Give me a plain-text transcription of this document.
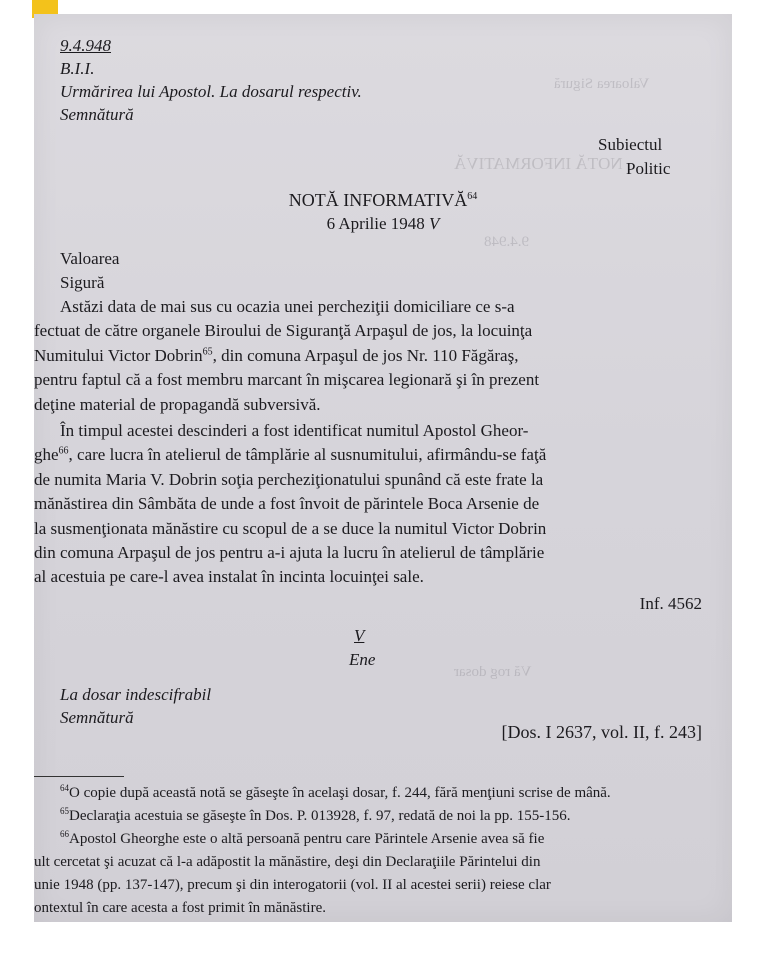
Valoarea Sigură
NOTĂ INFORMATIVĂ
9.4.948
Vă rog dosar
9.4.948
B.I.I.
Urmărirea lui Apostol. La dosarul respectiv.
Semnătură
Subiectul
Politic
NOTĂ INFORMATIVĂ$^{64}$
6 Aprilie 1948 V
Valoarea
Sigură
Astăzi data de mai sus cu ocazia unei percheziţii domiciliare ce s-a
fectuat de către organele Biroului de Siguranţă Arpaşul de jos, la locuinţa
Numitului Victor Dobrin$^{65}$, din comuna Arpaşul de jos Nr. 110 Făgăraş,
pentru faptul că a fost membru marcant în mişcarea legionară şi în prezent
deţine material de propagandă subversivă.
În timpul acestei descinderi a fost identificat numitul Apostol Gheor-
ghe$^{66}$, care lucra în atelierul de tâmplărie al susnumitului, afirmându-se faţă
de numita Maria V. Dobrin soţia percheziţionatului spunând că este frate la
mănăstirea din Sâmbăta de unde a fost învoit de părintele Boca Arsenie de
la susmenţionata mănăstire cu scopul de a se duce la numitul Victor Dobrin
din comuna Arpaşul de jos pentru a-i ajuta la lucru în atelierul de tâmplărie
al acestuia pe care-l avea instalat în incinta locuinţei sale.
Inf. 4562
V
Ene
La dosar indescifrabil
Semnătură
[Dos. I 2637, vol. II, f. 243]
$^{64}$O copie după această notă se găseşte în acelaşi dosar, f. 244, fără menţiuni scrise de mână.
$^{65}$Declaraţia acestuia se găseşte în Dos. P. 013928, f. 97, redată de noi la pp. 155-156.
$^{66}$Apostol Gheorghe este o altă persoană pentru care Părintele Arsenie avea să fie
ult cercetat şi acuzat că l-a adăpostit la mănăstire, deşi din Declaraţiile Părintelui din
unie 1948 (pp. 137-147), precum şi din interogatorii (vol. II al acestei serii) reiese clar
ontextul în care acesta a fost primit în mănăstire.
